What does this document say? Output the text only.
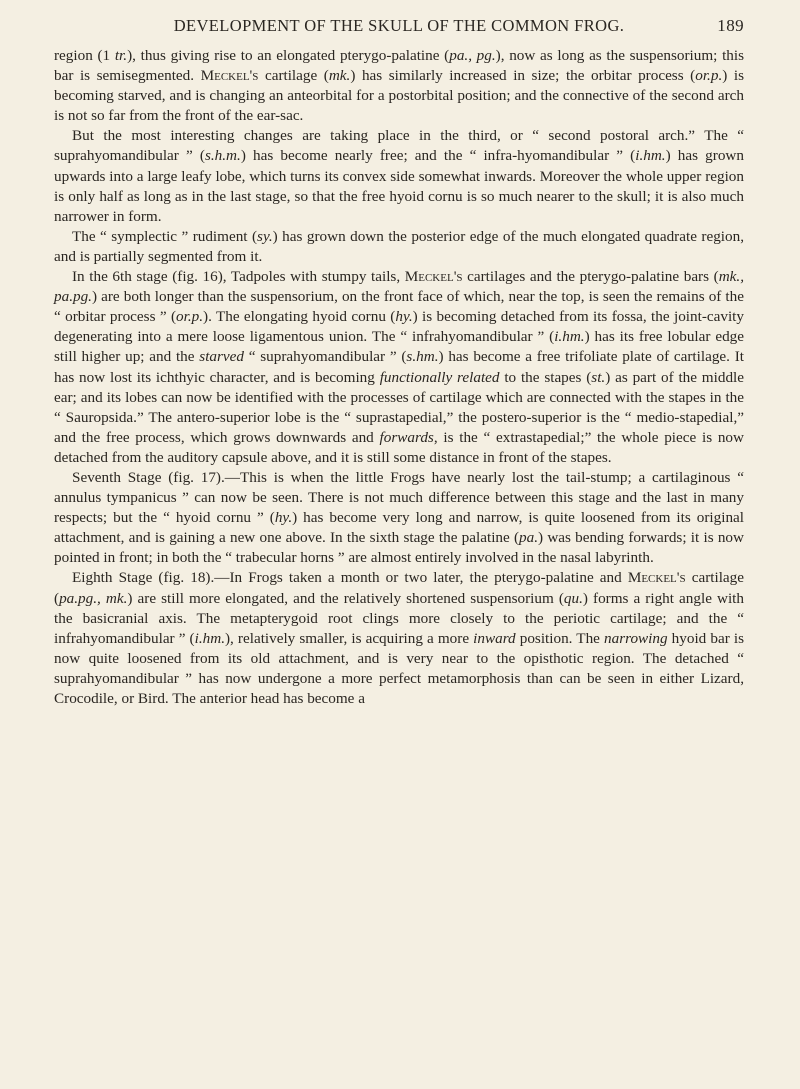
DEVELOPMENT OF THE SKULL OF THE COMMON FROG.	189

region (1 tr.), thus giving rise to an elongated pterygo-palatine (pa., pg.), now as long as the suspensorium; this bar is semisegmented. Meckel's cartilage (mk.) has similarly increased in size; the orbitar process (or.p.) is becoming starved, and is changing an anteorbital for a postorbital position; and the connective of the second arch is not so far from the front of the ear-sac.

But the most interesting changes are taking place in the third, or “ second postoral arch.” The “ suprahyomandibular ” (s.h.m.) has become nearly free; and the “ infra-hyomandibular ” (i.hm.) has grown upwards into a large leafy lobe, which turns its convex side somewhat inwards. Moreover the whole upper region is only half as long as in the last stage, so that the free hyoid cornu is so much nearer to the skull; it is also much narrower in form.

The “ symplectic ” rudiment (sy.) has grown down the posterior edge of the much elongated quadrate region, and is partially segmented from it.

In the 6th stage (fig. 16), Tadpoles with stumpy tails, Meckel's cartilages and the pterygo-palatine bars (mk., pa.pg.) are both longer than the suspensorium, on the front face of which, near the top, is seen the remains of the “ orbitar process ” (or.p.). The elongating hyoid cornu (hy.) is becoming detached from its fossa, the joint-cavity degenerating into a mere loose ligamentous union. The “ infrahyomandibular ” (i.hm.) has its free lobular edge still higher up; and the starved “ suprahyomandibular ” (s.hm.) has become a free trifoliate plate of cartilage. It has now lost its ichthyic character, and is becoming functionally related to the stapes (st.) as part of the middle ear; and its lobes can now be identified with the processes of cartilage which are connected with the stapes in the “ Sauropsida.” The antero-superior lobe is the “ suprastapedial,” the postero-superior is the “ medio-stapedial,” and the free process, which grows downwards and forwards, is the “ extrastapedial;” the whole piece is now detached from the auditory capsule above, and it is still some distance in front of the stapes.

Seventh Stage (fig. 17).—This is when the little Frogs have nearly lost the tail-stump; a cartilaginous “ annulus tympanicus ” can now be seen. There is not much difference between this stage and the last in many respects; but the “ hyoid cornu ” (hy.) has become very long and narrow, is quite loosened from its original attachment, and is gaining a new one above. In the sixth stage the palatine (pa.) was bending forwards; it is now pointed in front; in both the “ trabecular horns ” are almost entirely involved in the nasal labyrinth.

Eighth Stage (fig. 18).—In Frogs taken a month or two later, the pterygo-palatine and Meckel's cartilage (pa.pg., mk.) are still more elongated, and the relatively shortened suspensorium (qu.) forms a right angle with the basicranial axis. The metapterygoid root clings more closely to the periotic cartilage; and the “ infrahyomandibular ” (i.hm.), relatively smaller, is acquiring a more inward position. The narrowing hyoid bar is now quite loosened from its old attachment, and is very near to the opisthotic region. The detached “ suprahyomandibular ” has now undergone a more perfect metamorphosis than can be seen in either Lizard, Crocodile, or Bird. The anterior head has become a
